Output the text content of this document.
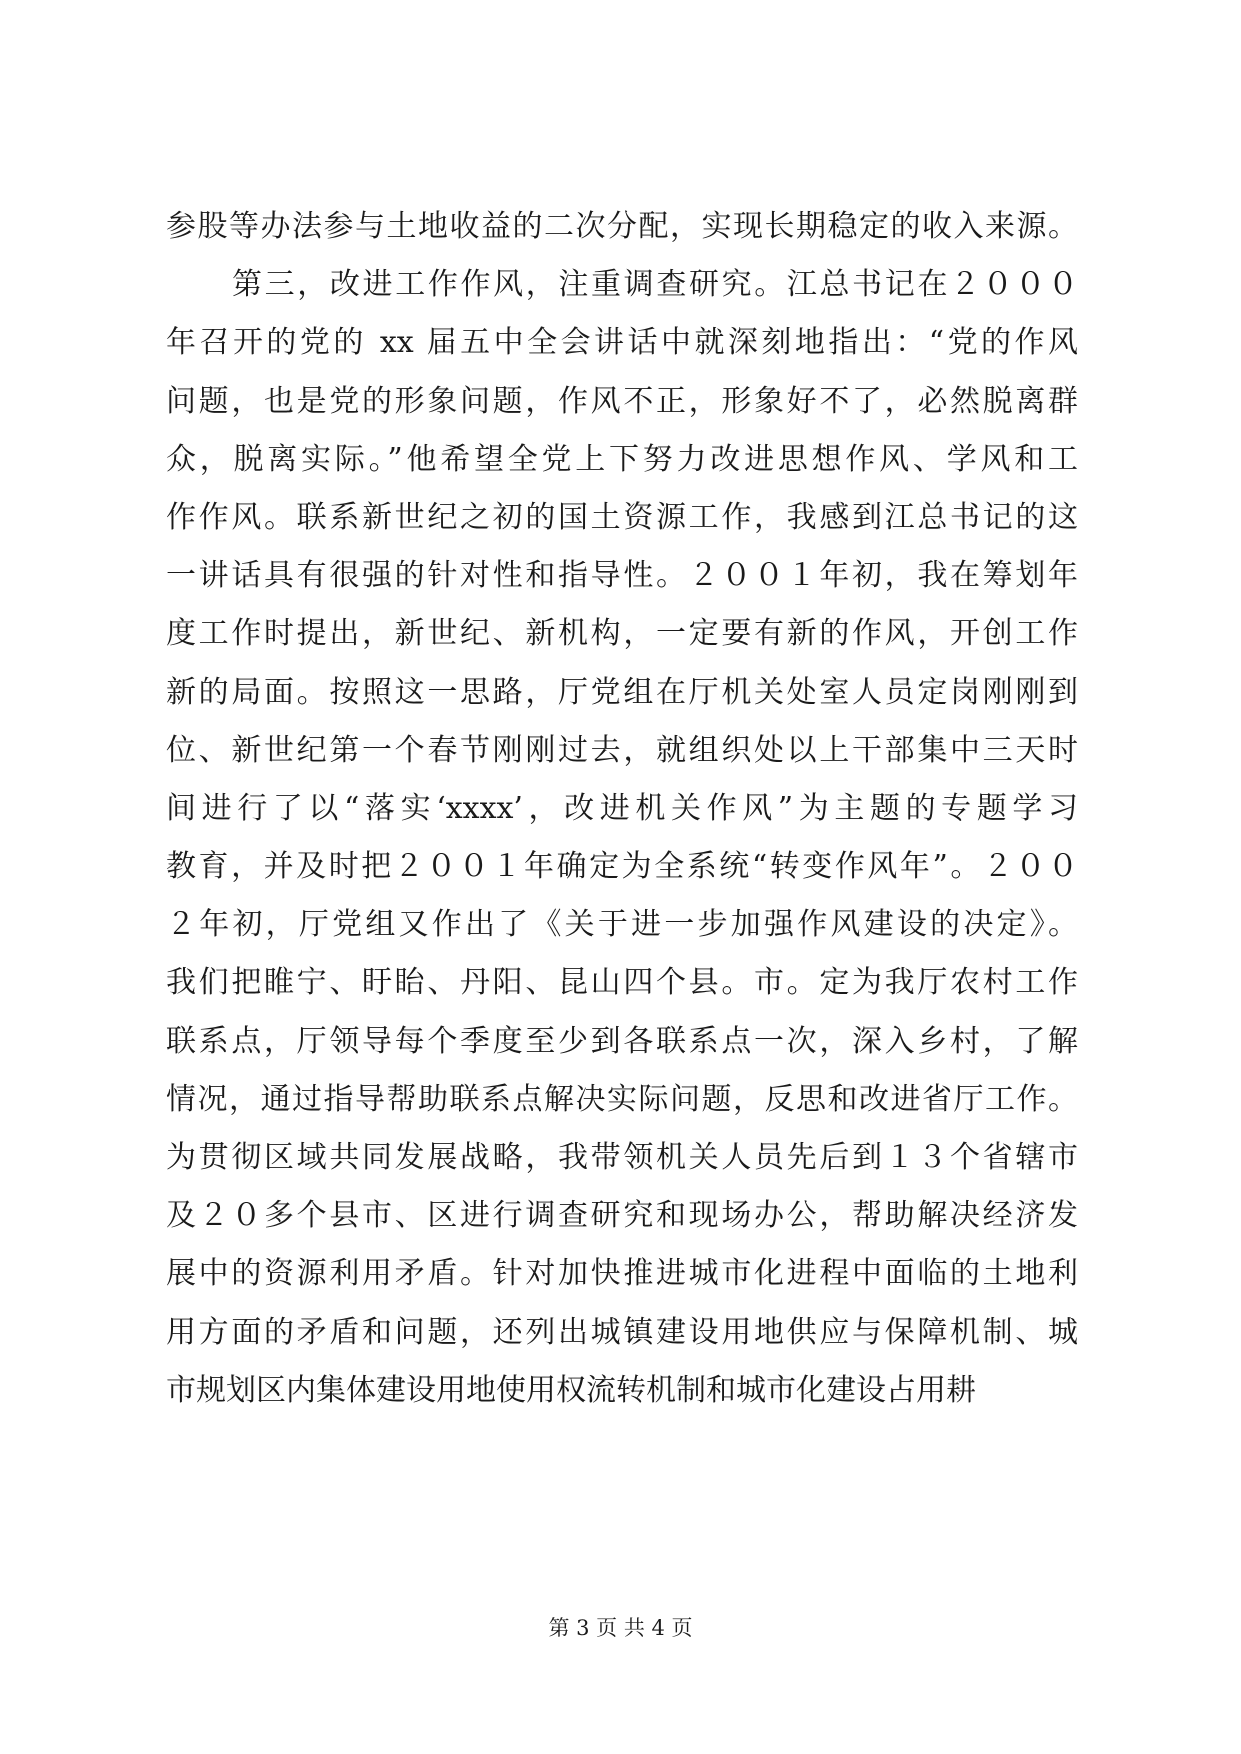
参股等办法参与土地收益的二次分配，实现长期稳定的收入来源。
第三，改进工作作风，注重调查研究。江总书记在２０００
年召开的党的 xx 届五中全会讲话中就深刻地指出：“党的作风
问题，也是党的形象问题，作风不正，形象好不了，必然脱离群
众，脱离实际。”他希望全党上下努力改进思想作风、学风和工
作作风。联系新世纪之初的国土资源工作，我感到江总书记的这
一讲话具有很强的针对性和指导性。２００１年初，我在筹划年
度工作时提出，新世纪、新机构，一定要有新的作风，开创工作
新的局面。按照这一思路，厅党组在厅机关处室人员定岗刚刚到
位、新世纪第一个春节刚刚过去，就组织处以上干部集中三天时
间进行了以“落实‘xxxx’，改进机关作风”为主题的专题学习
教育，并及时把２００１年确定为全系统“转变作风年”。２００
２年初，厅党组又作出了《关于进一步加强作风建设的决定》。
我们把睢宁、盱眙、丹阳、昆山四个县。市。定为我厅农村工作
联系点，厅领导每个季度至少到各联系点一次，深入乡村，了解
情况，通过指导帮助联系点解决实际问题，反思和改进省厅工作。
为贯彻区域共同发展战略，我带领机关人员先后到１３个省辖市
及２０多个县市、区进行调查研究和现场办公，帮助解决经济发
展中的资源利用矛盾。针对加快推进城市化进程中面临的土地利
用方面的矛盾和问题，还列出城镇建设用地供应与保障机制、城
市规划区内集体建设用地使用权流转机制和城市化建设占用耕
第 3 页 共 4 页
